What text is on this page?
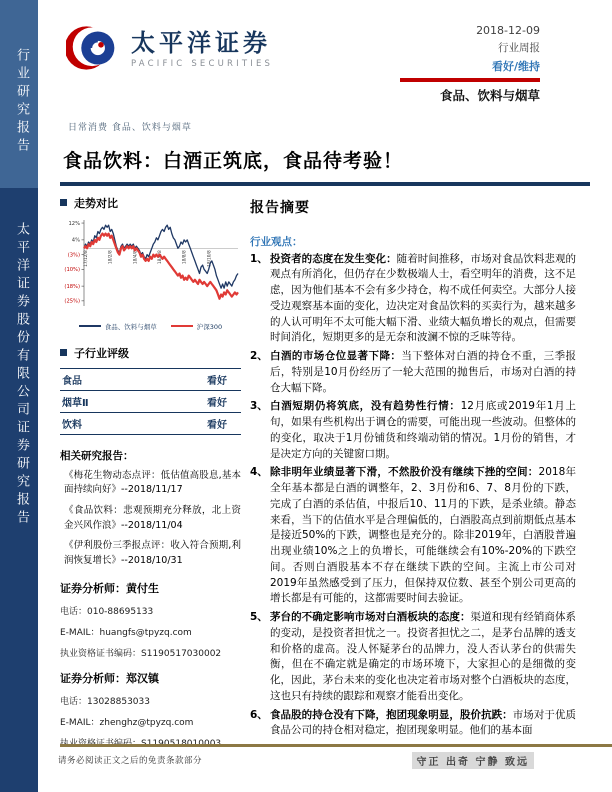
行业研究报告
太平洋证券股份有限公司证券研究报告
太平洋证券
PACIFIC SECURITIES
2018-12-09
行业周报
看好/维持
食品、饮料与烟草
日常消费 食品、饮料与烟草
食品饮料：白酒正筑底，食品待考验！
走势对比
12%
4%
(3%)
(10%)
(18%)
(25%)
17/12/8	18/2/8	18/4/8	18/6/8	18/8/8	18/10/8
食品、饮料与烟草	沪深300
子行业评级
食品	看好
烟草Ⅱ	看好
饮料	看好
相关研究报告：
《梅花生物动态点评：低估值高股息,基本面持续向好》--2018/11/17
《食品饮料：悲观预期充分释放，北上资金兴风作浪》--2018/11/04
《伊利股份三季报点评：收入符合预期,利润恢复增长》--2018/10/31
证券分析师：黄付生
电话：010-88695133
E-MAIL：huangfs@tpyzq.com
执业资格证书编码：S1190517030002
证券分析师：郑汉镇
电话：13028853033
E-MAIL：zhenghz@tpyzq.com
报告摘要
行业观点：
1、 投资者的态度在发生变化：随着时间推移，市场对食品饮料悲观的观点有所消化，但仍存在少数极端人士，看空明年的消费，这不足虑，因为他们基本不会有多少持仓，构不成任何卖空。大部分人接受边观察基本面的变化，边决定对食品饮料的买卖行为，越来越多的人认可明年不太可能大幅下滑、业绩大幅负增长的观点，但需要时间消化，短期更多的是无奈和波澜不惊的乏味等待。
2、 白酒的市场仓位显著下降：当下整体对白酒的持仓不重，三季报后，特别是10月份经历了一轮大范围的抛售后，市场对白酒的持仓大幅下降。
3、 白酒短期仍将筑底，没有趋势性行情：12月底或2019年1月上旬，如果有些机构出于调仓的需要，可能出现一些波动。但整体的的变化，取决于1月份铺货和终端动销的情况。1月份的销售，才是决定方向的关键窗口期。
4、 除非明年业绩显著下滑，不然股价没有继续下挫的空间：2018年全年基本都是白酒的调整年，2、3月份和6、7、8月份的下跌，完成了白酒的杀估值，中报后10、11月的下跌，是杀业绩。静态来看，当下的估值水平是合理偏低的，白酒股高点到前期低点基本是接近50%的下跌，调整也是充分的。除非2019年，白酒股普遍出现业绩10%之上的负增长，可能继续会有10%-20%的下跌空间。否则白酒股基本不存在继续下跌的空间。主流上市公司对2019年虽然感受到了压力，但保持双位数、甚至个别公司更高的增长都是有可能的，这都需要时间去验证。
5、 茅台的不确定影响市场对白酒板块的态度：渠道和现有经销商体系的变动，是投资者担忧之一。投资者担忧之二，是茅台品牌的透支和价格的虚高。没人怀疑茅台的品牌力，没人否认茅台的供需失衡，但在不确定就是确定的市场环境下，大家担心的是细微的变化，因此，茅台未来的变化也决定着市场对整个白酒板块的态度，这也只有持续的跟踪和观察才能看出变化。
6、 食品股的持仓没有下降，抱团现象明显，股价抗跌：市场对于优质食品公司的持仓相对稳定，抱团现象明显。他们的基本面
请务必阅读正文之后的免责条款部分	守正 出奇 宁静 致远
